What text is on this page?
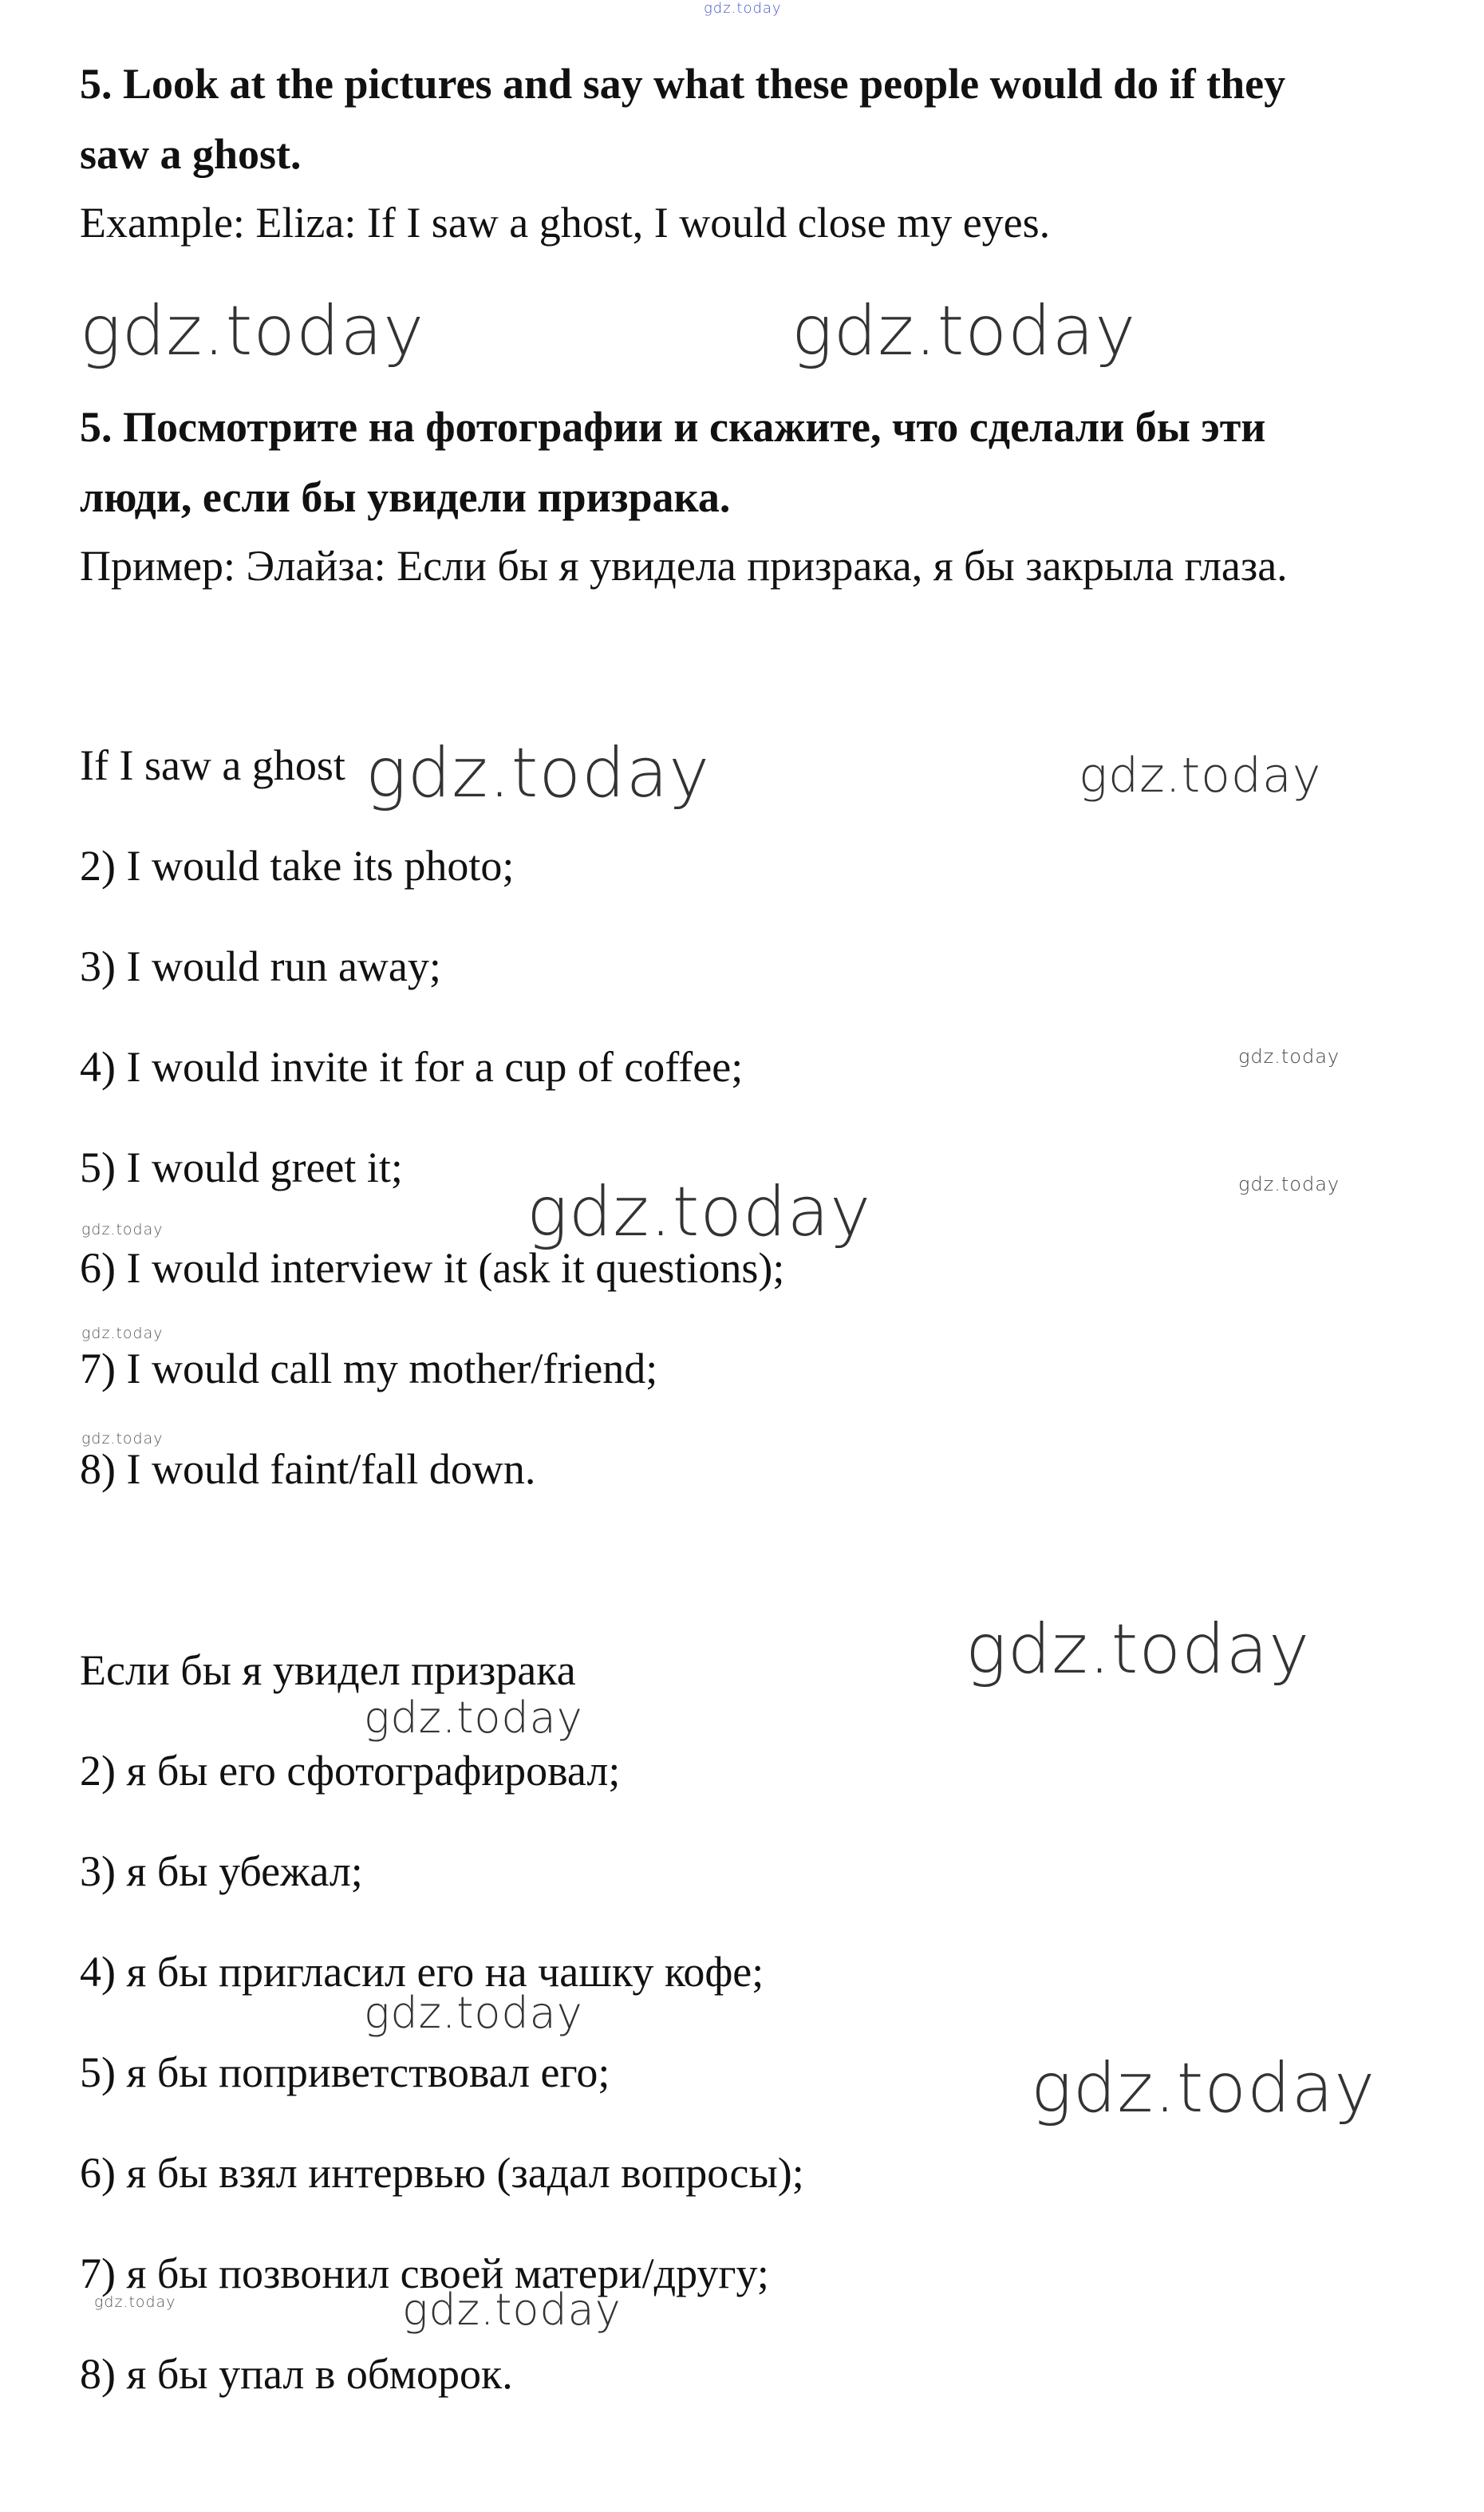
gdz.today
5. Look at the pictures and say what these people would do if they
saw a ghost.
Example: Eliza: If I saw a ghost, I would close my eyes.
gdz.today	gdz.today
5. Посмотрите на фотографии и скажите, что сделали бы эти
люди, если бы увидели призрака.
Пример: Элайза: Если бы я увидела призрака, я бы закрыла глаза.
If I saw a ghost gdz.today	gdz.today
2) I would take its photo;
3) I would run away;
4) I would invite it for a cup of coffee;	gdz.today
5) I would greet it;	gdz.today
gdz.today
gdz.today
6) I would interview it (ask it questions);
gdz.today
7) I would call my mother/friend;
gdz.today
8) I would faint/fall down.
gdz.today
Если бы я увидел призрака
gdz.today
2) я бы его сфотографировал;
3) я бы убежал;
4) я бы пригласил его на чашку кофе;
gdz.today
5) я бы поприветствовал его;	gdz.today
6) я бы взял интервью (задал вопросы);
7) я бы позвонил своей матери/другу;
gdz.today	gdz.today
8) я бы упал в обморок.
